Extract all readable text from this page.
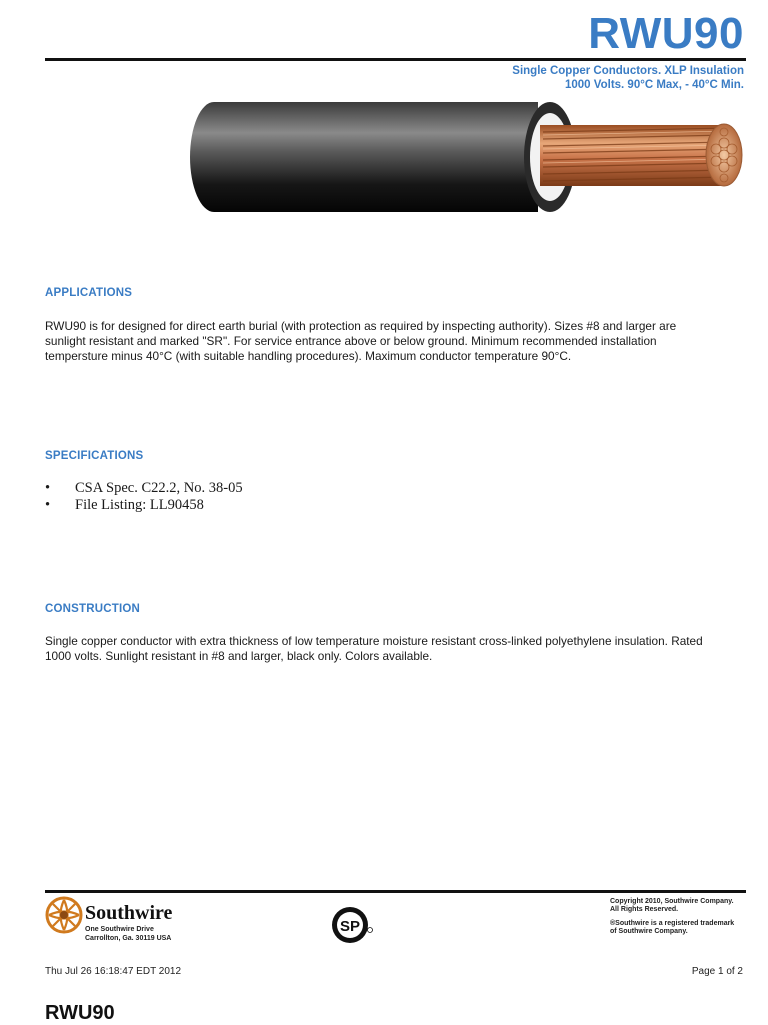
RWU90
Single Copper Conductors. XLP Insulation
1000 Volts. 90°C Max, - 40°C Min.
APPLICATIONS
RWU90 is for designed for direct earth burial (with protection as required by inspecting authority). Sizes #8 and larger are
sunlight resistant and marked "SR". For service entrance above or below ground. Minimum recommended installation
tempersture minus 40°C (with suitable handling procedures). Maximum conductor temperature 90°C.
SPECIFICATIONS
• CSA Spec. C22.2, No. 38-05
• File Listing: LL90458
CONSTRUCTION
Single copper conductor with extra thickness of low temperature moisture resistant cross-linked polyethylene insulation. Rated
1000 volts. Sunlight resistant in #8 and larger, black only. Colors available.
Southwire
One Southwire Drive
Carrollton, Ga. 30119 USA
SP
Copyright 2010, Southwire Company.
All Rights Reserved.
®Southwire is a registered trademark
of Southwire Company.
Thu Jul 26 16:18:47 EDT 2012	Page 1 of 2
RWU90
